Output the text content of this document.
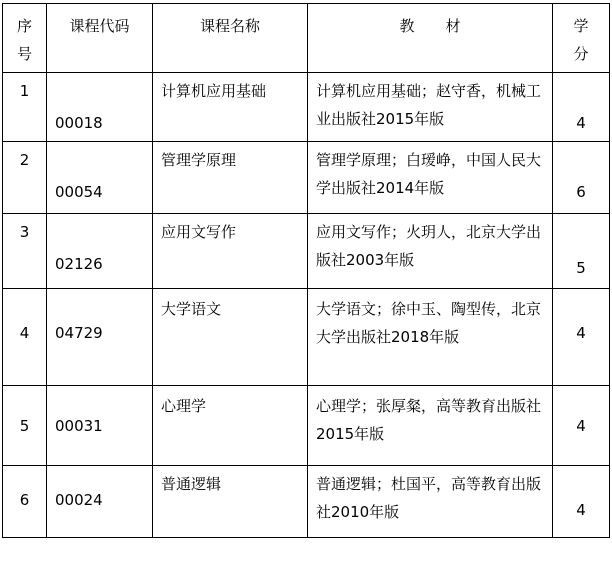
序号	课程代码	课程名称	教　材	学分

1	00018	计算机应用基础	计算机应用基础；赵守香，机械工业出版社2015年版	4

2	00054	管理学原理	管理学原理；白瑷峥，中国人民大学出版社2014年版	6

3	02126	应用文写作	应用文写作；火玥人，北京大学出版社2003年版	5

4	04729	大学语文	大学语文；徐中玉、陶型传，北京大学出版社2018年版	4

5	00031	心理学	心理学；张厚粲，高等教育出版社2015年版	4

6	00024	普通逻辑	普通逻辑；杜国平，高等教育出版社2010年版	4
